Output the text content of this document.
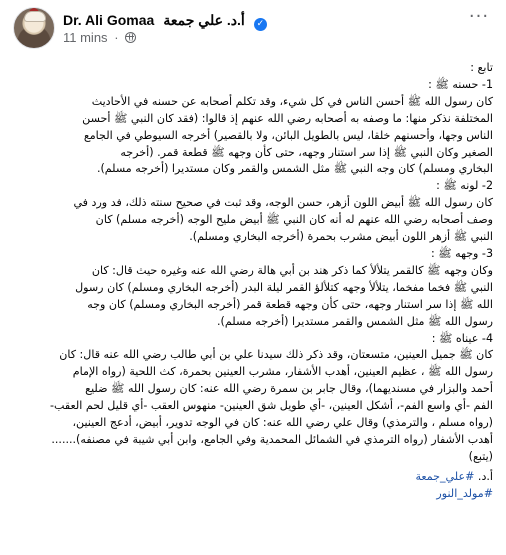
Dr. Ali Gomaa أ.د. علي جمعة ✓
11 mins ·
···
تابع :
1- حسنه ﷺ :
كان رسول الله ﷺ أحسن الناس في كل شيء، وقد تكلم أصحابه عن حسنه في الأحاديث
المختلفة نذكر منها: ما وصفه به أصحابه رضي الله عنهم إذ قالوا: (فقد كان النبي ﷺ أحسن
الناس وجها، وأحسنهم خلقا، ليس بالطويل البائن، ولا بالقصير) أخرجه السيوطي في الجامع
الصغير وكان النبي ﷺ إذا سر استنار وجهه، حتى كأن وجهه ﷺ قطعة قمر. (أخرجه
البخاري ومسلم) كان وجه النبي ﷺ مثل الشمس والقمر وكان مستديرا (أخرجه مسلم).
2- لونه ﷺ :
كان رسول الله ﷺ أبيض اللون أزهر، حسن الوجه، وقد ثبت في صحيح سنته ذلك، فد ورد في
وصف أصحابه رضي الله عنهم له أنه كان النبي ﷺ أبيض مليح الوجه (أخرجه مسلم) كان
النبي ﷺ أزهر اللون أبيض مشرب بحمرة (أخرجه البخاري ومسلم).
3- وجهه ﷺ :
وكان وجهه ﷺ كالقمر يتلألأ كما ذكر هند بن أبي هالة رضي الله عنه وغيره حيث قال: كان
النبي ﷺ فخما مفخما، يتلألأ وجهه كتلألؤ القمر ليلة البدر (أخرجه البخاري ومسلم) كان رسول
الله ﷺ إذا سر استنار وجهه، حتى كأن وجهه قطعة قمر (أخرجه البخاري ومسلم) كان وجه
رسول الله ﷺ مثل الشمس والقمر مستديرا (أخرجه مسلم).
4- عيناه ﷺ :
كان ﷺ جميل العينين، متسعتان، وقد ذكر ذلك سيدنا علي بن أبي طالب رضي الله عنه قال: كان
رسول الله ﷺ ، عظيم العينين، أهدب الأشفار، مشرب العينين بحمرة، كث اللحية (رواه الإمام
أحمد والبزار في مسنديهما)، وقال جابر بن سمرة رضي الله عنه: كان رسول الله ﷺ ضليع
الفم -أي واسع الفم-، أشكل العينين، -أي طويل شق العينين- منهوس العقب -أي قليل لحم العقب-
(رواه مسلم ، والترمذي) وقال علي رضي الله عنه: كان في الوجه تدوير، أبيض، أدعج العينين،
أهدب الأشفار (رواه الترمذي في الشمائل المحمدية وفي الجامع، وابن أبي شيبة في مصنفه).......
(يتبع)
أ.د. #علي_جمعة
#مولد_النور
